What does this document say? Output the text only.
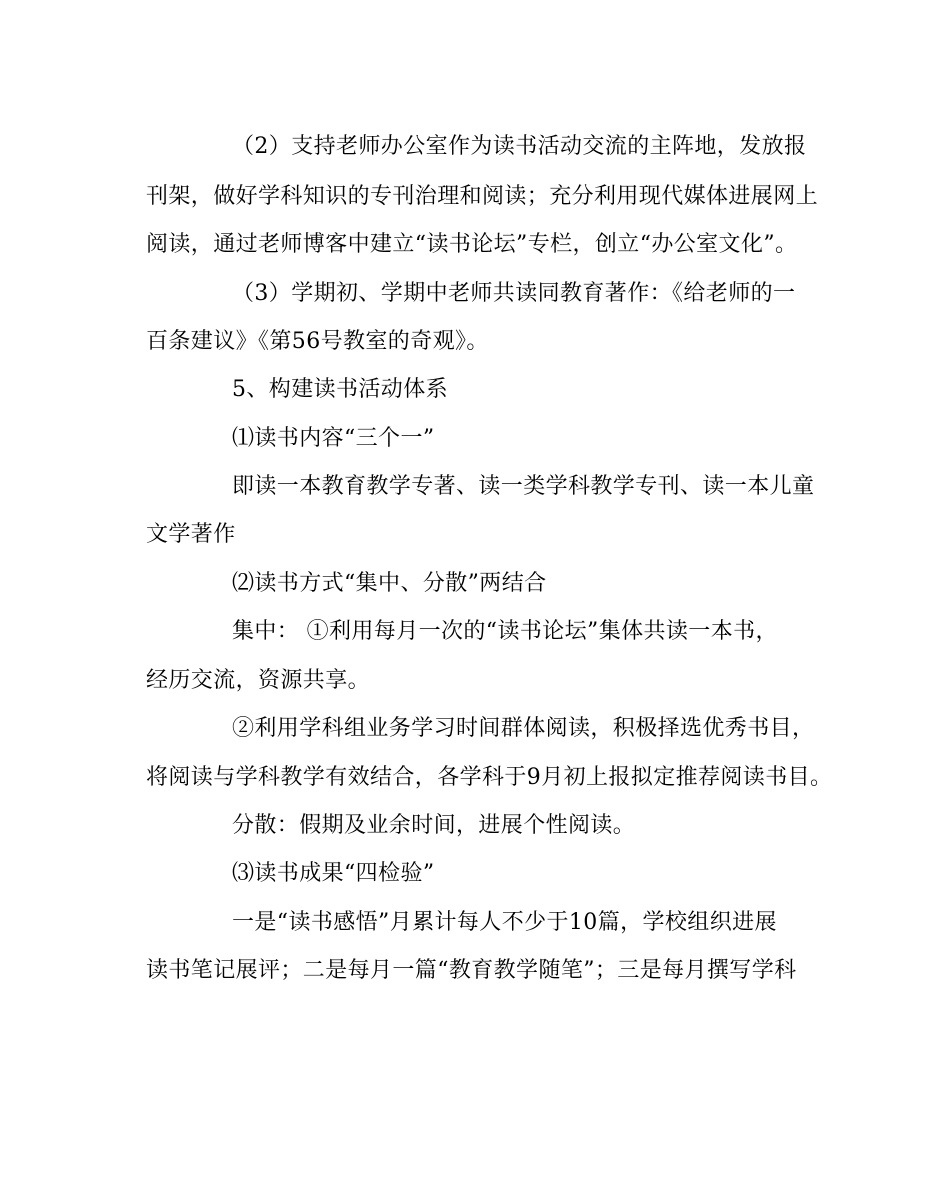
（2）支持老师办公室作为读书活动交流的主阵地，发放报
刊架，做好学科知识的专刊治理和阅读；充分利用现代媒体进展网上
阅读，通过老师博客中建立“读书论坛”专栏，创立“办公室文化”。
（3）学期初、学期中老师共读同教育著作：《给老师的一
百条建议》《第56号教室的奇观》。
5、构建读书活动体系
⑴读书内容“三个一”
即读一本教育教学专著、读一类学科教学专刊、读一本儿童
文学著作
⑵读书方式“集中、分散”两结合
集中： ①利用每月一次的“读书论坛”集体共读一本书，
经历交流，资源共享。
②利用学科组业务学习时间群体阅读，积极择选优秀书目，
将阅读与学科教学有效结合，各学科于9月初上报拟定推荐阅读书目。
分散：假期及业余时间，进展个性阅读。
⑶读书成果“四检验”
一是“读书感悟”月累计每人不少于10篇，学校组织进展
读书笔记展评；二是每月一篇“教育教学随笔”；三是每月撰写学科
